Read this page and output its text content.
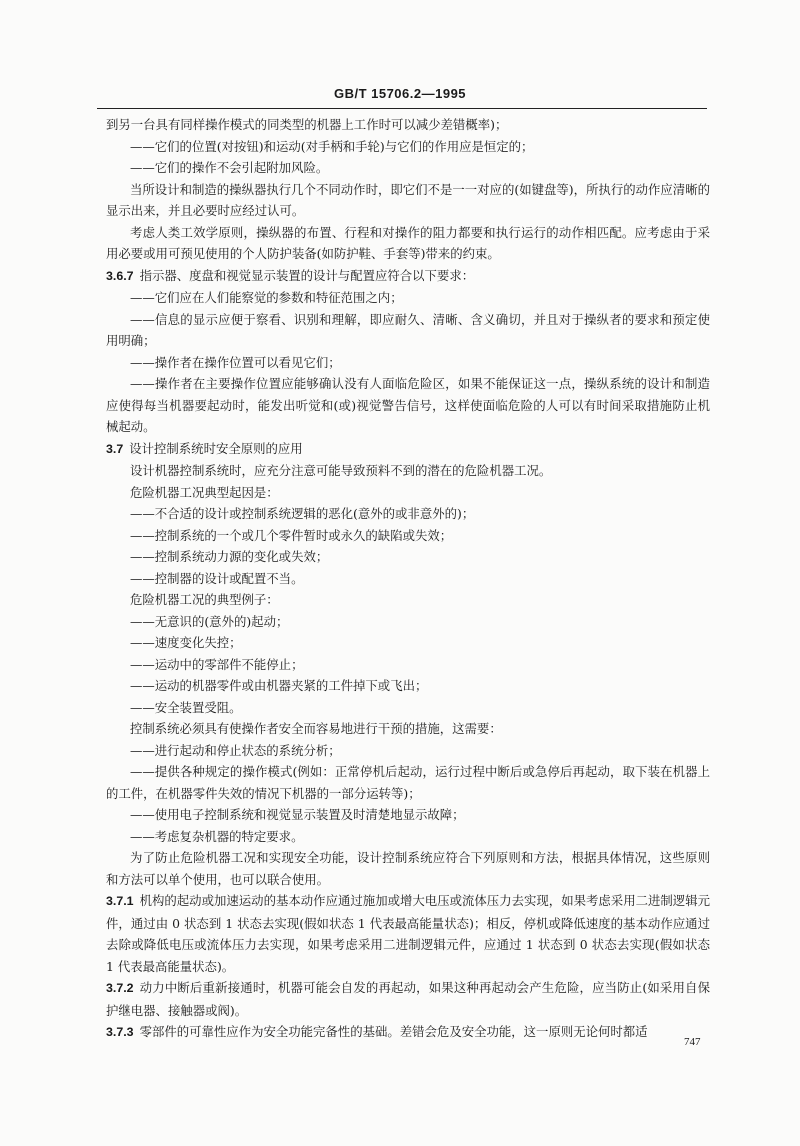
GB/T 15706.2—1995

到另一台具有同样操作模式的同类型的机器上工作时可以减少差错概率)；

——它们的位置(对按钮)和运动(对手柄和手轮)与它们的作用应是恒定的；

——它们的操作不会引起附加风险。

当所设计和制造的操纵器执行几个不同动作时，即它们不是一一对应的(如键盘等)，所执行的动作应清晰的显示出来，并且必要时应经过认可。

考虑人类工效学原则，操纵器的布置、行程和对操作的阻力都要和执行运行的动作相匹配。应考虑由于采用必要或用可预见使用的个人防护装备(如防护鞋、手套等)带来的约束。

3.6.7 指示器、度盘和视觉显示装置的设计与配置应符合以下要求：

——它们应在人们能察觉的参数和特征范围之内；

——信息的显示应便于察看、识别和理解，即应耐久、清晰、含义确切，并且对于操纵者的要求和预定使用明确；

——操作者在操作位置可以看见它们；

——操作者在主要操作位置应能够确认没有人面临危险区，如果不能保证这一点，操纵系统的设计和制造应使得每当机器要起动时，能发出听觉和(或)视觉警告信号，这样使面临危险的人可以有时间采取措施防止机械起动。

3.7 设计控制系统时安全原则的应用

设计机器控制系统时，应充分注意可能导致预料不到的潜在的危险机器工况。

危险机器工况典型起因是：

——不合适的设计或控制系统逻辑的恶化(意外的或非意外的)；

——控制系统的一个或几个零件暂时或永久的缺陷或失效；

——控制系统动力源的变化或失效；

——控制器的设计或配置不当。

危险机器工况的典型例子：

——无意识的(意外的)起动；

——速度变化失控；

——运动中的零部件不能停止；

——运动的机器零件或由机器夹紧的工件掉下或飞出；

——安全装置受阻。

控制系统必须具有使操作者安全而容易地进行干预的措施，这需要：

——进行起动和停止状态的系统分析；

——提供各种规定的操作模式(例如：正常停机后起动，运行过程中断后或急停后再起动，取下装在机器上的工件，在机器零件失效的情况下机器的一部分运转等)；

——使用电子控制系统和视觉显示装置及时清楚地显示故障；

——考虑复杂机器的特定要求。

为了防止危险机器工况和实现安全功能，设计控制系统应符合下列原则和方法，根据具体情况，这些原则和方法可以单个使用，也可以联合使用。

3.7.1 机构的起动或加速运动的基本动作应通过施加或增大电压或流体压力去实现，如果考虑采用二进制逻辑元件，通过由 0 状态到 1 状态去实现(假如状态 1 代表最高能量状态)；相反，停机或降低速度的基本动作应通过去除或降低电压或流体压力去实现，如果考虑采用二进制逻辑元件，应通过 1 状态到 0 状态去实现(假如状态 1 代表最高能量状态)。

3.7.2 动力中断后重新接通时，机器可能会自发的再起动，如果这种再起动会产生危险，应当防止(如采用自保护继电器、接触器或阀)。

3.7.3 零部件的可靠性应作为安全功能完备性的基础。差错会危及安全功能，这一原则无论何时都适

747
